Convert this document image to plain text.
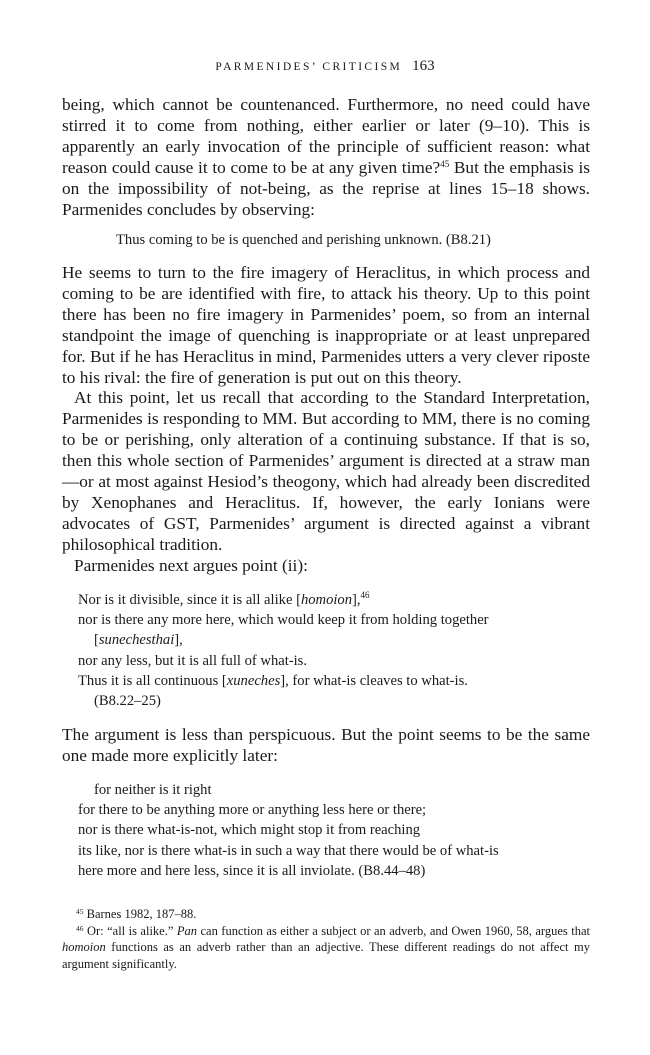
PARMENIDES’ CRITICISM 163

being, which cannot be countenanced. Furthermore, no need could have stirred it to come from nothing, either earlier or later (9–10). This is apparently an early invocation of the principle of sufficient reason: what reason could cause it to come to be at any given time?$^{45}$ But the emphasis is on the impossibility of not-being, as the reprise at lines 15–18 shows. Parmenides concludes by observing:

Thus coming to be is quenched and perishing unknown. (B8.21)

He seems to turn to the fire imagery of Heraclitus, in which process and coming to be are identified with fire, to attack his theory. Up to this point there has been no fire imagery in Parmenides’ poem, so from an internal standpoint the image of quenching is inappropriate or at least unprepared for. But if he has Heraclitus in mind, Parmenides utters a very clever riposte to his rival: the fire of generation is put out on this theory.

At this point, let us recall that according to the Standard Interpretation, Parmenides is responding to MM. But according to MM, there is no coming to be or perishing, only alteration of a continuing substance. If that is so, then this whole section of Parmenides’ argument is directed at a straw man—or at most against Hesiod’s theogony, which had already been discredited by Xenophanes and Heraclitus. If, however, the early Ionians were advocates of GST, Parmenides’ argument is directed against a vibrant philosophical tradition.

Parmenides next argues point (ii):

Nor is it divisible, since it is all alike [homoion],$^{46}$
nor is there any more here, which would keep it from holding together
[sunechesthai],
nor any less, but it is all full of what-is.
Thus it is all continuous [xuneches], for what-is cleaves to what-is.
(B8.22–25)

The argument is less than perspicuous. But the point seems to be the same one made more explicitly later:

for neither is it right
for there to be anything more or anything less here or there;
nor is there what-is-not, which might stop it from reaching
its like, nor is there what-is in such a way that there would be of what-is
here more and here less, since it is all inviolate. (B8.44–48)

$^{45}$ Barnes 1982, 187–88.

$^{46}$ Or: “all is alike.” Pan can function as either a subject or an adverb, and Owen 1960, 58, argues that homoion functions as an adverb rather than an adjective. These different readings do not affect my argument significantly.
